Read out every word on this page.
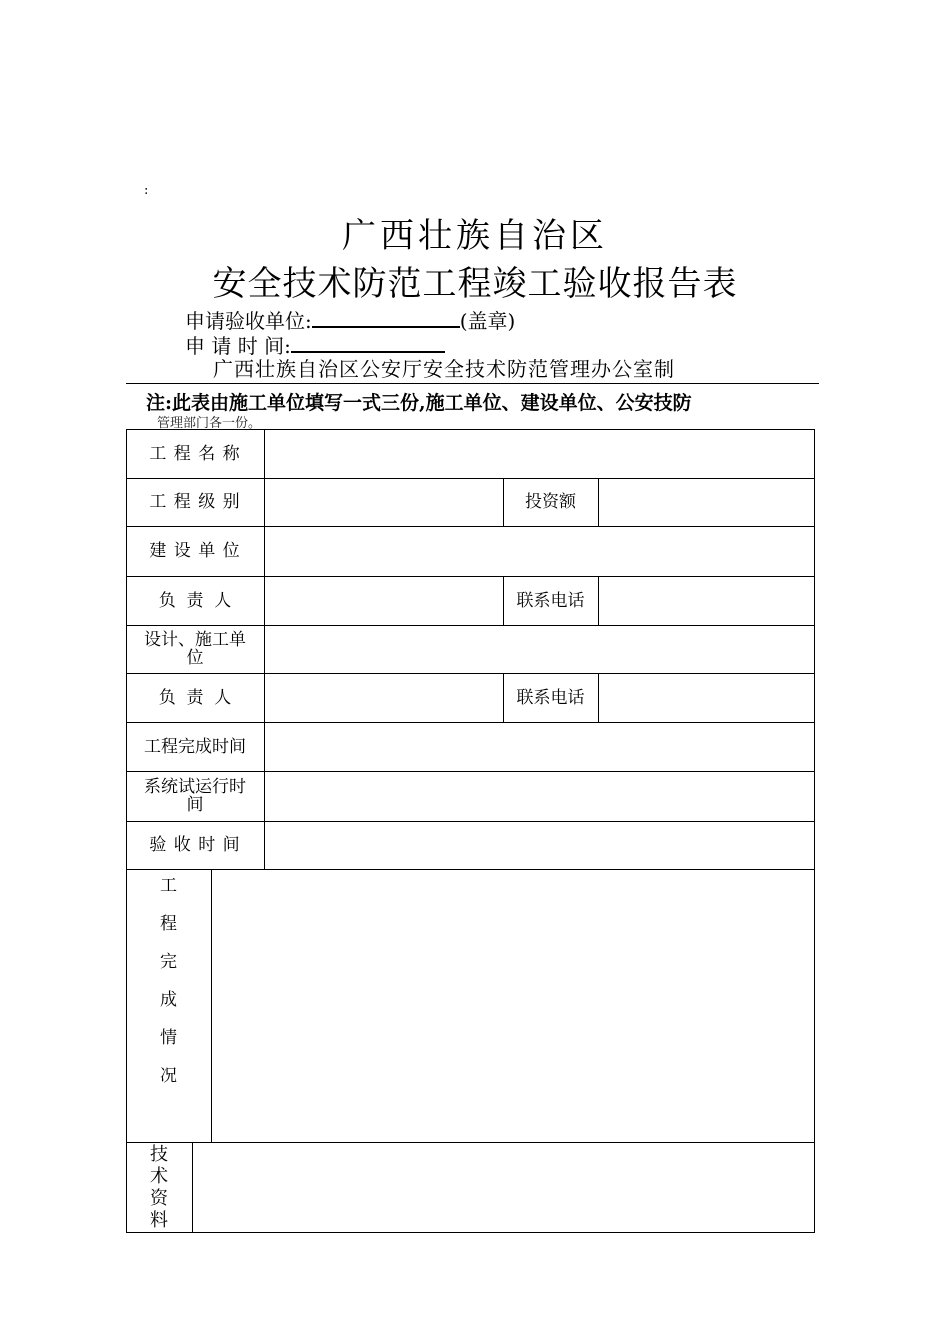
:
广西壮族自治区
安全技术防范工程竣工验收报告表
申请验收单位:	(盖章)
申 请 时 间:
广西壮族自治区公安厅安全技术防范管理办公室制
注:此表由施工单位填写一式三份,施工单位、建设单位、公安技防
管理部门各一份。
工 程 名 称
工 程 级 别	投资额
建 设 单 位
负  责  人	联系电话
设计、施工单位
负  责  人	联系电话
工程完成时间
系统试运行时间
验 收 时 间
工
程
完
成
情
况
技
术
资
料
